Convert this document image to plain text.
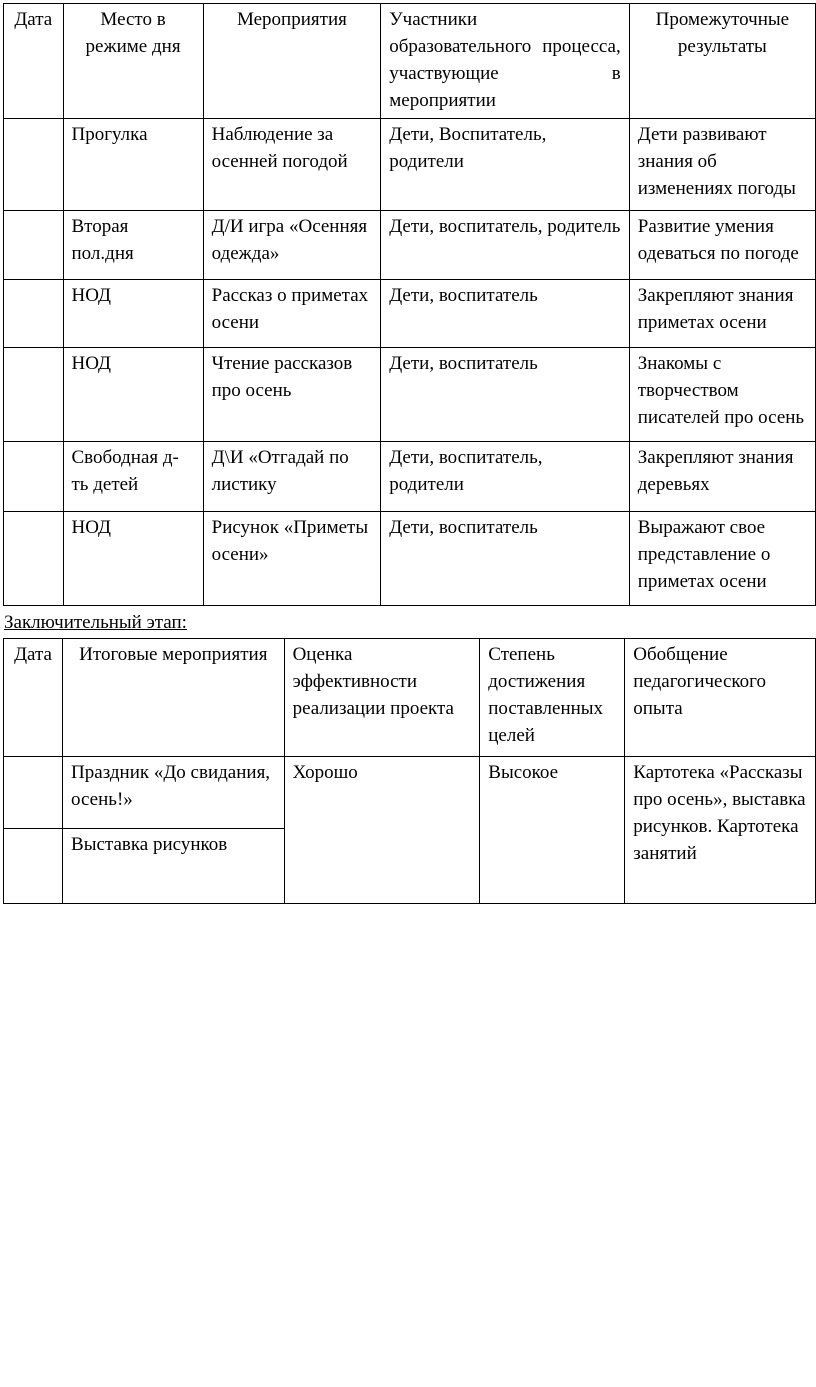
Дата	Место в режиме дня	Мероприятия	Участники образовательного процесса, участвующие в мероприятии	Промежуточные результаты
	Прогулка	Наблюдение за осенней погодой	Дети, Воспитатель, родители	Дети развивают знания об изменениях погоды
	Вторая пол.дня	Д/И игра «Осенняя одежда»	Дети, воспитатель, родитель	Развитие умения одеваться по погоде
	НОД	Рассказ о приметах осени	Дети, воспитатель	Закрепляют знания приметах осени
	НОД	Чтение рассказов про осень	Дети, воспитатель	Знакомы с творчеством писателей про осень
	Свободная д-ть детей	Д\И «Отгадай по листику	Дети, воспитатель, родители	Закрепляют знания деревьях
	НОД	Рисунок «Приметы осени»	Дети, воспитатель	Выражают свое представление о приметах осени
Заключительный этап:
Дата	Итоговые мероприятия	Оценка эффективности реализации проекта	Степень достижения поставленных целей	Обобщение педагогического опыта
	Праздник «До свидания, осень!»	Хорошо	Высокое	Картотека «Рассказы про осень», выставка рисунков. Картотека занятий
	Выставка рисунков			
